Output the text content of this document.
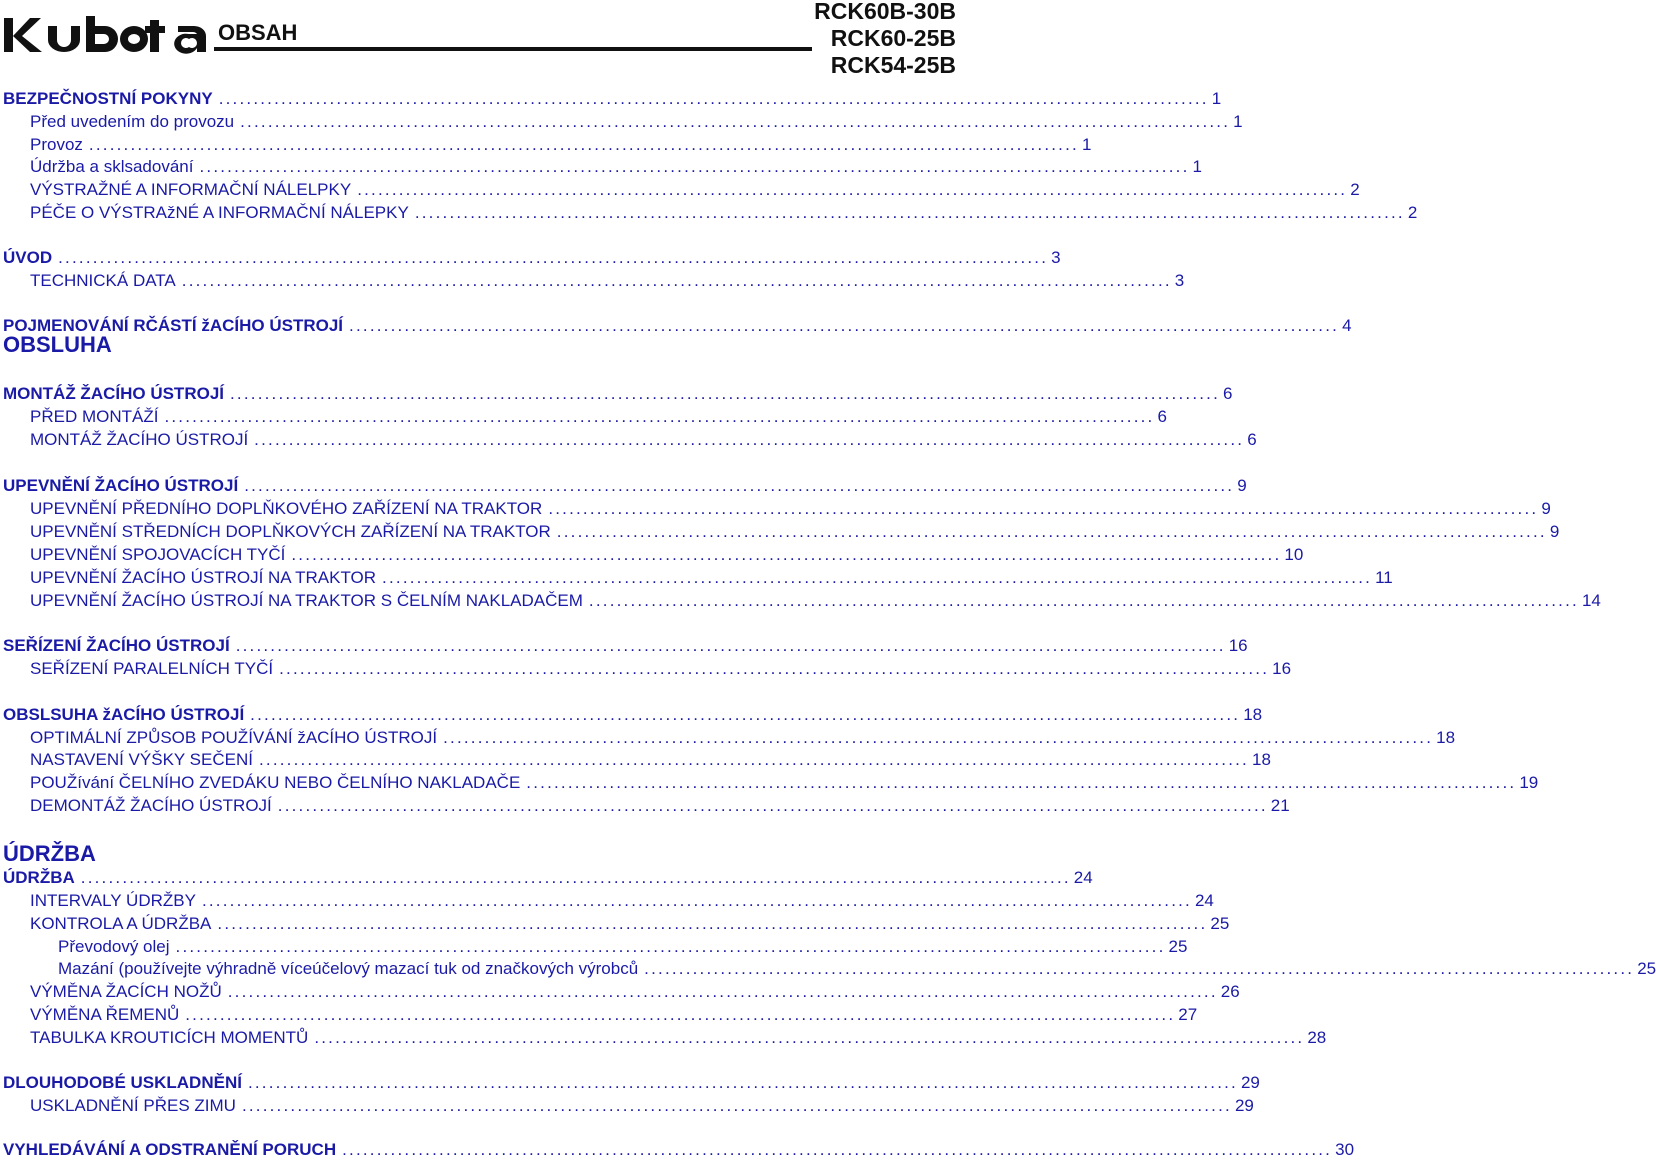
OBSAH
RCK60B-30B
RCK60-25B
RCK54-25B
OBSLUHA
ÚDRŽBA
BEZPEČNOSTNÍ POKYNY ............................................................................................................................................... 1
Před uvedením do provozu ............................................................................................................................................... 1
Provoz ............................................................................................................................................... 1
Údržba a sklsadování ............................................................................................................................................... 1
VÝSTRAŽNÉ A INFORMAČNÍ NÁLELPKY ............................................................................................................................................... 2
PÉČE O VÝSTRAžNÉ A INFORMAČNÍ NÁLEPKY ............................................................................................................................................... 2
ÚVOD ............................................................................................................................................... 3
TECHNICKÁ DATA ............................................................................................................................................... 3
POJMENOVÁNÍ RČÁSTÍ žACÍHO ÚSTROJÍ ............................................................................................................................................... 4
MONTÁŽ ŽACÍHO ÚSTROJÍ ............................................................................................................................................... 6
PŘED MONTÁŽÍ ............................................................................................................................................... 6
MONTÁŽ ŽACÍHO ÚSTROJÍ ............................................................................................................................................... 6
UPEVNĚNÍ ŽACÍHO ÚSTROJÍ ............................................................................................................................................... 9
UPEVNĚNÍ PŘEDNÍHO DOPLŇKOVÉHO ZAŘÍZENÍ NA TRAKTOR ............................................................................................................................................... 9
UPEVNĚNÍ STŘEDNÍCH DOPLŇKOVÝCH ZAŘÍZENÍ NA TRAKTOR ............................................................................................................................................... 9
UPEVNĚNÍ SPOJOVACÍCH TYČÍ ............................................................................................................................................... 10
UPEVNĚNÍ ŽACÍHO ÚSTROJÍ NA TRAKTOR ............................................................................................................................................... 11
UPEVNĚNÍ ŽACÍHO ÚSTROJÍ NA TRAKTOR S ČELNÍM NAKLADAČEM ............................................................................................................................................... 14
SEŘÍZENÍ ŽACÍHO ÚSTROJÍ ............................................................................................................................................... 16
SEŘÍZENÍ PARALELNÍCH TYČÍ ............................................................................................................................................... 16
OBSLSUHA žACÍHO ÚSTROJÍ ............................................................................................................................................... 18
OPTIMÁLNÍ ZPŮSOB POUŽÍVÁNÍ žACÍHO ÚSTROJÍ ............................................................................................................................................... 18
NASTAVENÍ VÝŠKY SEČENÍ ............................................................................................................................................... 18
POUŽívání ČELNÍHO ZVEDÁKU NEBO ČELNÍHO NAKLADAČE ............................................................................................................................................... 19
DEMONTÁŽ ŽACÍHO ÚSTROJÍ ............................................................................................................................................... 21
ÚDRŽBA ............................................................................................................................................... 24
INTERVALY ÚDRŽBY ............................................................................................................................................... 24
KONTROLA A ÚDRŽBA ............................................................................................................................................... 25
Převodový olej ............................................................................................................................................... 25
Mazání (používejte výhradně víceúčelový mazací tuk od značkových výrobců ............................................................................................................................................... 25
VÝMĚNA ŽACÍCH NOŽŮ ............................................................................................................................................... 26
VÝMĚNA ŘEMENŮ ............................................................................................................................................... 27
TABULKA KROUTICÍCH MOMENTŮ ............................................................................................................................................... 28
DLOUHODOBÉ USKLADNĚNÍ ............................................................................................................................................... 29
USKLADNĚNÍ PŘES ZIMU ............................................................................................................................................... 29
VYHLEDÁVÁNÍ A ODSTRANĚNÍ PORUCH ............................................................................................................................................... 30
